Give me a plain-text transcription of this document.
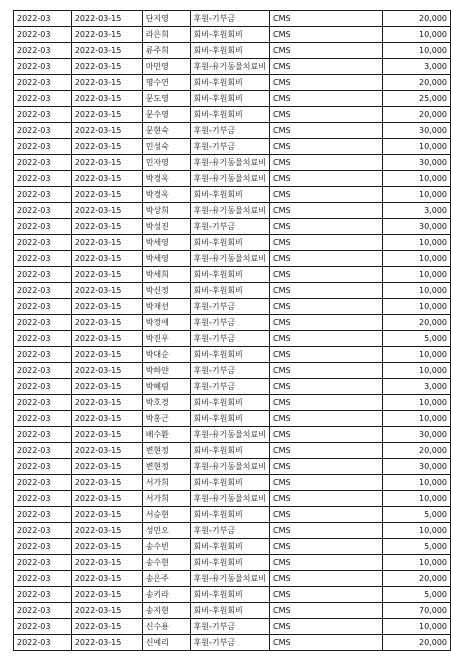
2022-03	2022-03-15	단지영	후원-기부금	CMS	20,000
2022-03	2022-03-15	라은희	회비-후원회비	CMS	10,000
2022-03	2022-03-15	류주희	회비-후원회비	CMS	10,000
2022-03	2022-03-15	마민영	후원-유기동물치료비	CMS	3,000
2022-03	2022-03-15	명수연	회비-후원회비	CMS	20,000
2022-03	2022-03-15	문도영	회비-후원회비	CMS	25,000
2022-03	2022-03-15	문수영	회비-후원회비	CMS	20,000
2022-03	2022-03-15	문현숙	후원-기부금	CMS	30,000
2022-03	2022-03-15	민성숙	후원-기부금	CMS	10,000
2022-03	2022-03-15	민자영	후원-유기동물치료비	CMS	30,000
2022-03	2022-03-15	박경옥	후원-유기동물치료비	CMS	10,000
2022-03	2022-03-15	박경옥	회비-후원회비	CMS	10,000
2022-03	2022-03-15	박상희	후원-유기동물치료비	CMS	3,000
2022-03	2022-03-15	박성진	후원-기부금	CMS	30,000
2022-03	2022-03-15	박세영	회비-후원회비	CMS	10,000
2022-03	2022-03-15	박세영	후원-유기동물치료비	CMS	10,000
2022-03	2022-03-15	박세희	회비-후원회비	CMS	10,000
2022-03	2022-03-15	박신정	회비-후원회비	CMS	10,000
2022-03	2022-03-15	박재선	후원-기부금	CMS	10,000
2022-03	2022-03-15	박정애	후원-기부금	CMS	20,000
2022-03	2022-03-15	박진우	후원-기부금	CMS	5,000
2022-03	2022-03-15	박대순	회비-후원회비	CMS	10,000
2022-03	2022-03-15	박하얀	후원-기부금	CMS	10,000
2022-03	2022-03-15	박혜림	후원-기부금	CMS	3,000
2022-03	2022-03-15	박호경	회비-후원회비	CMS	10,000
2022-03	2022-03-15	박홍근	회비-후원회비	CMS	10,000
2022-03	2022-03-15	배수환	후원-유기동물치료비	CMS	30,000
2022-03	2022-03-15	변현정	회비-후원회비	CMS	20,000
2022-03	2022-03-15	변현정	후원-유기동물치료비	CMS	30,000
2022-03	2022-03-15	서가희	회비-후원회비	CMS	10,000
2022-03	2022-03-15	서가희	후원-유기동물치료비	CMS	10,000
2022-03	2022-03-15	서승현	회비-후원회비	CMS	5,000
2022-03	2022-03-15	성민오	후원-기부금	CMS	10,000
2022-03	2022-03-15	송수빈	회비-후원회비	CMS	5,000
2022-03	2022-03-15	송수현	회비-후원회비	CMS	10,000
2022-03	2022-03-15	송은주	후원-유기동물치료비	CMS	20,000
2022-03	2022-03-15	송키라	회비-후원회비	CMS	5,000
2022-03	2022-03-15	송지현	회비-후원회비	CMS	70,000
2022-03	2022-03-15	신수용	후원-기부금	CMS	10,000
2022-03	2022-03-15	신예리	후원-기부금	CMS	20,000
